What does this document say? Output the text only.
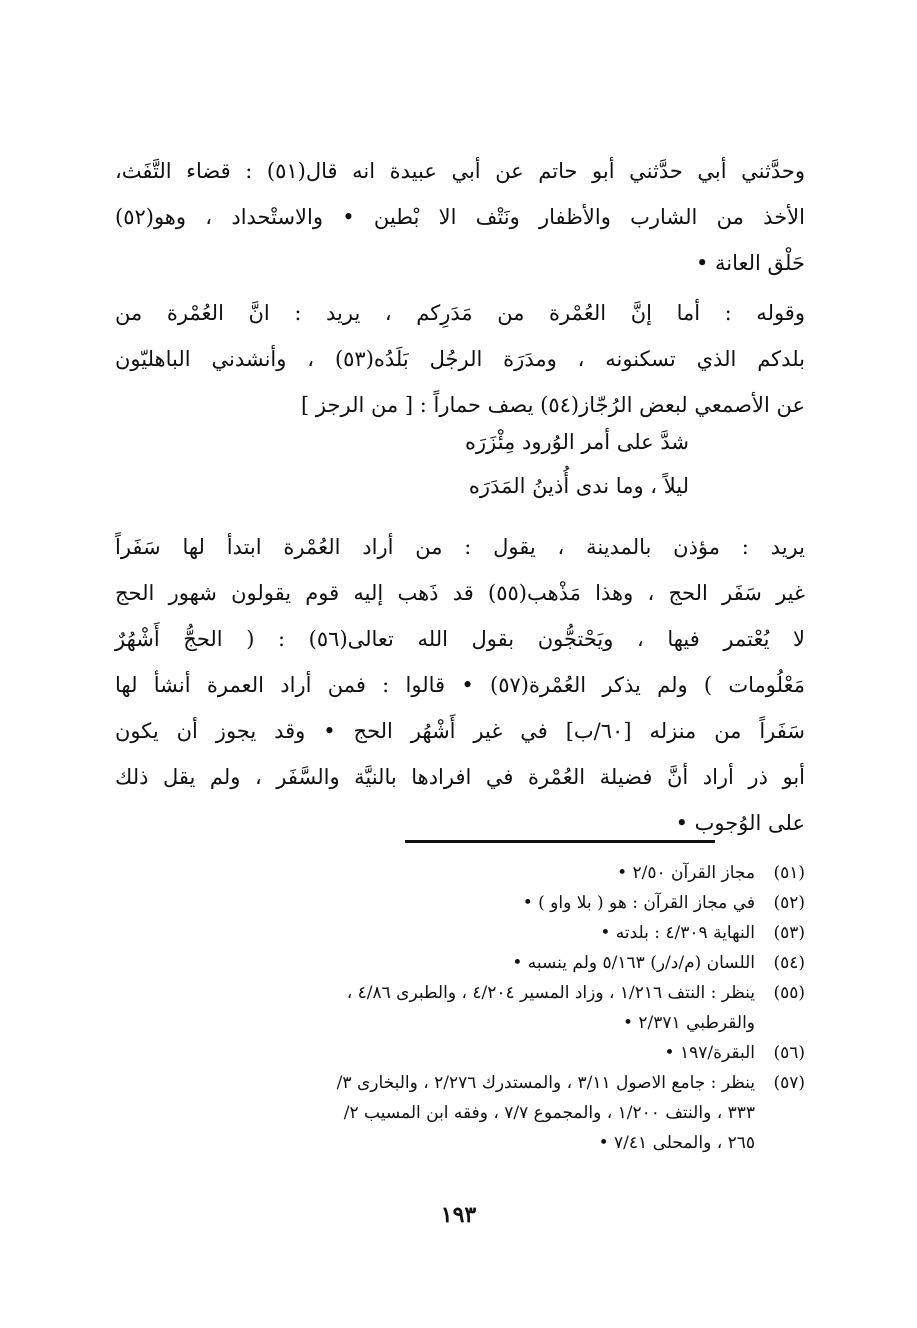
وحدَّثني أبي حدَّثني أبو حاتم عن أبي عبيدة انه قال(٥١) : قضاء التَّفَث،
الأخذ من الشارب والأظفار ونَتْف الا بْطين • والاستْحداد ، وهو(٥٢)
حَلْق العانة •
وقوله : أما إنَّ العُمْرة من مَدَرِكم ، يريد : انَّ العُمْرة من
بلدكم الذي تسكنونه ، ومدَرَة الرجُل بَلَدُه(٥٣) ، وأنشدني الباهليّون
عن الأصمعي لبعض الرُجّاز(٥٤) يصف حماراً : [ من الرجز ]
شدَّ على أمر الوُرود مِئْزَرَه
ليلاً ، وما ندى أُذينُ المَدَرَه
يريد : مؤذن بالمدينة ، يقول : من أراد العُمْرة ابتدأ لها سَفَراً
غير سَفَر الحج ، وهذا مَذْهب(٥٥) قد ذَهب إليه قوم يقولون شهور الحج
لا يُعْتمر فيها ، ويَحْتجُّون بقول الله تعالى(٥٦) : ( الحجُّ أَشْهُرٌ
مَعْلُومات ) ولم يذكر العُمْرة(٥٧) • قالوا : فمن أراد العمرة أنشأ لها
سَفَراً من منزله [٦٠/ب] في غير أَشْهُر الحج • وقد يجوز أن يكون
أبو ذر أراد أنَّ فضيلة العُمْرة في افرادها بالنيَّة والسَّفَر ، ولم يقل ذلك
على الوُجوب •
(٥١)
مجاز القرآن ٢/٥٠ •
(٥٢)
في مجاز القرآن : هو ( بلا واو ) •
(٥٣)
النهاية ٤/٣٠٩ : بلدته •
(٥٤)
اللسان (م/د/ر) ٥/١٦٣ ولم ينسبه •
(٥٥)
ينظر : النتف ١/٢١٦ ، وزاد المسير ٤/٢٠٤ ، والطبرى ٤/٨٦ ،
والقرطبي ٢/٣٧١ •
(٥٦)
البقرة/١٩٧ •
(٥٧)
ينظر : جامع الاصول ٣/١١ ، والمستدرك ٢/٢٧٦ ، والبخارى ٣/
٣٣٣ ، والنتف ١/٢٠٠ ، والمجموع ٧/٧ ، وفقه ابن المسيب ٢/
٢٦٥ ، والمحلى ٧/٤١ •
١٩٣
